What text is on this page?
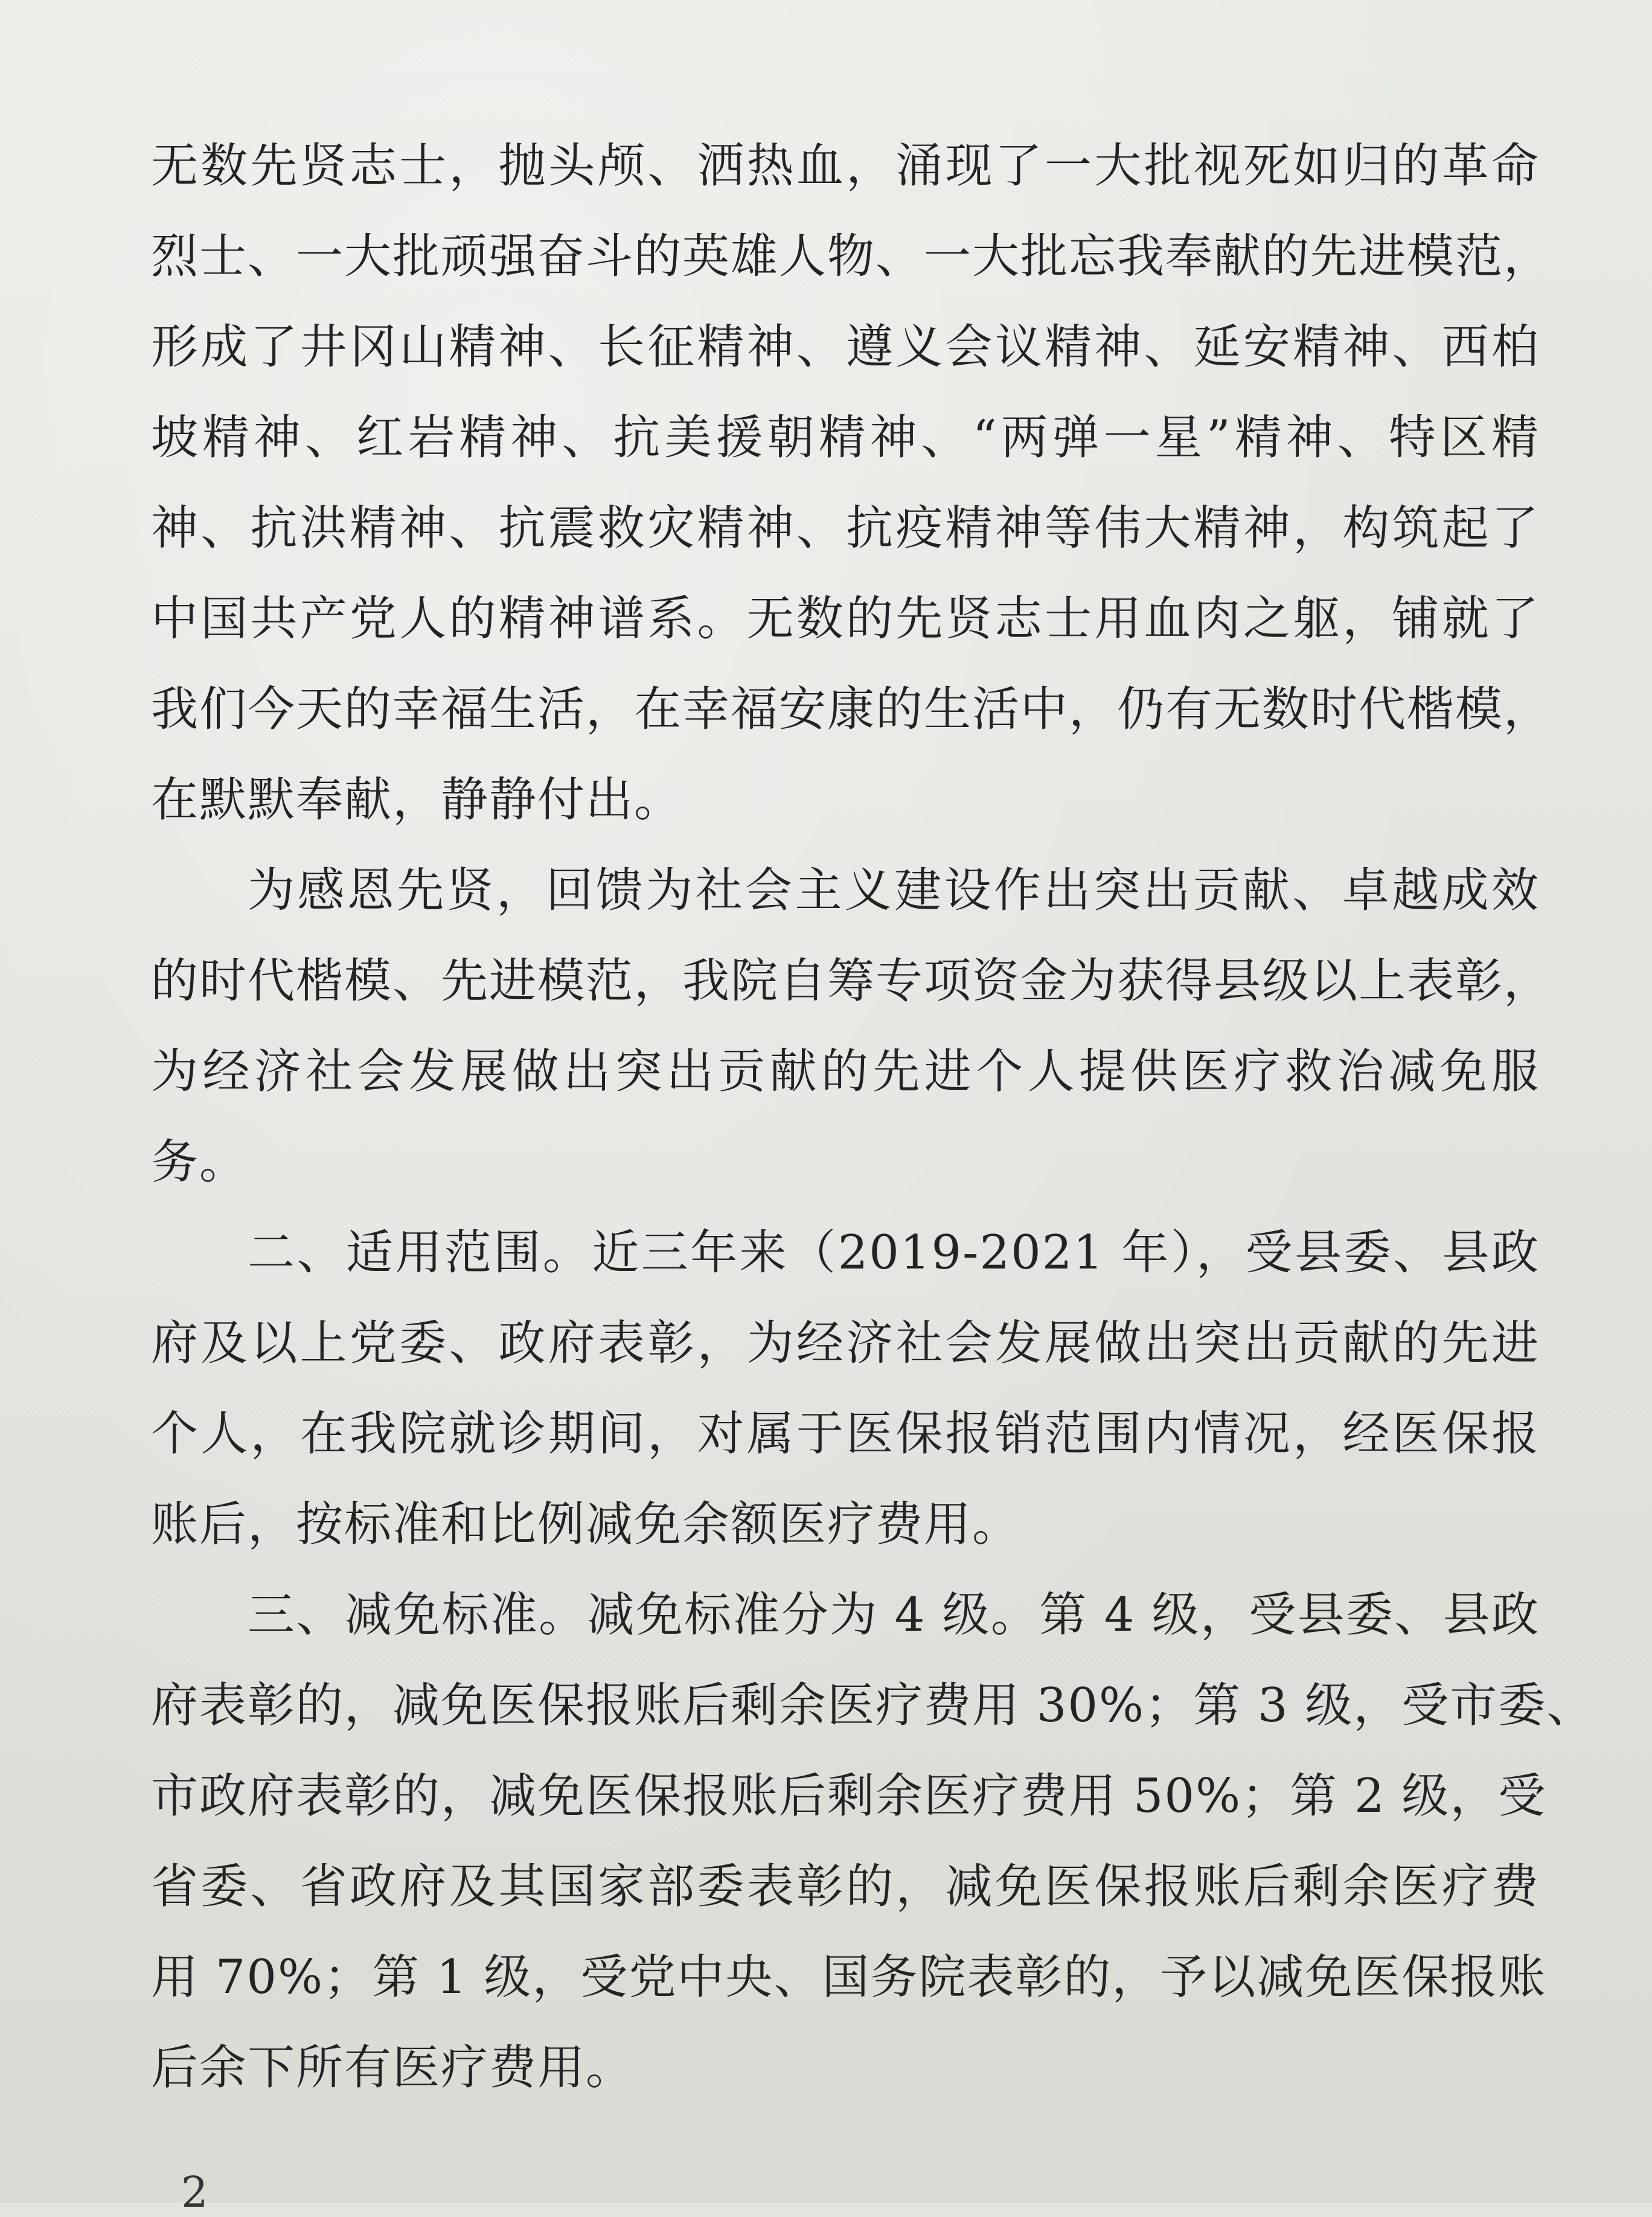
无数先贤志士，抛头颅、洒热血，涌现了一大批视死如归的革命
烈士、一大批顽强奋斗的英雄人物、一大批忘我奉献的先进模范，
形成了井冈山精神、长征精神、遵义会议精神、延安精神、西柏
坡精神、红岩精神、抗美援朝精神、“两弹一星”精神、特区精
神、抗洪精神、抗震救灾精神、抗疫精神等伟大精神，构筑起了
中国共产党人的精神谱系。无数的先贤志士用血肉之躯，铺就了
我们今天的幸福生活，在幸福安康的生活中，仍有无数时代楷模，
在默默奉献，静静付出。

为感恩先贤，回馈为社会主义建设作出突出贡献、卓越成效
的时代楷模、先进模范，我院自筹专项资金为获得县级以上表彰，
为经济社会发展做出突出贡献的先进个人提供医疗救治减免服
务。

二、适用范围。近三年来（2019-2021 年），受县委、县政
府及以上党委、政府表彰，为经济社会发展做出突出贡献的先进
个人，在我院就诊期间，对属于医保报销范围内情况，经医保报
账后，按标准和比例减免余额医疗费用。

三、减免标准。减免标准分为 4 级。第 4 级，受县委、县政
府表彰的，减免医保报账后剩余医疗费用 30%；第 3 级，受市委、
市政府表彰的，减免医保报账后剩余医疗费用 50%；第 2 级，受
省委、省政府及其国家部委表彰的，减免医保报账后剩余医疗费
用 70%；第 1 级，受党中央、国务院表彰的，予以减免医保报账
后余下所有医疗费用。

2
